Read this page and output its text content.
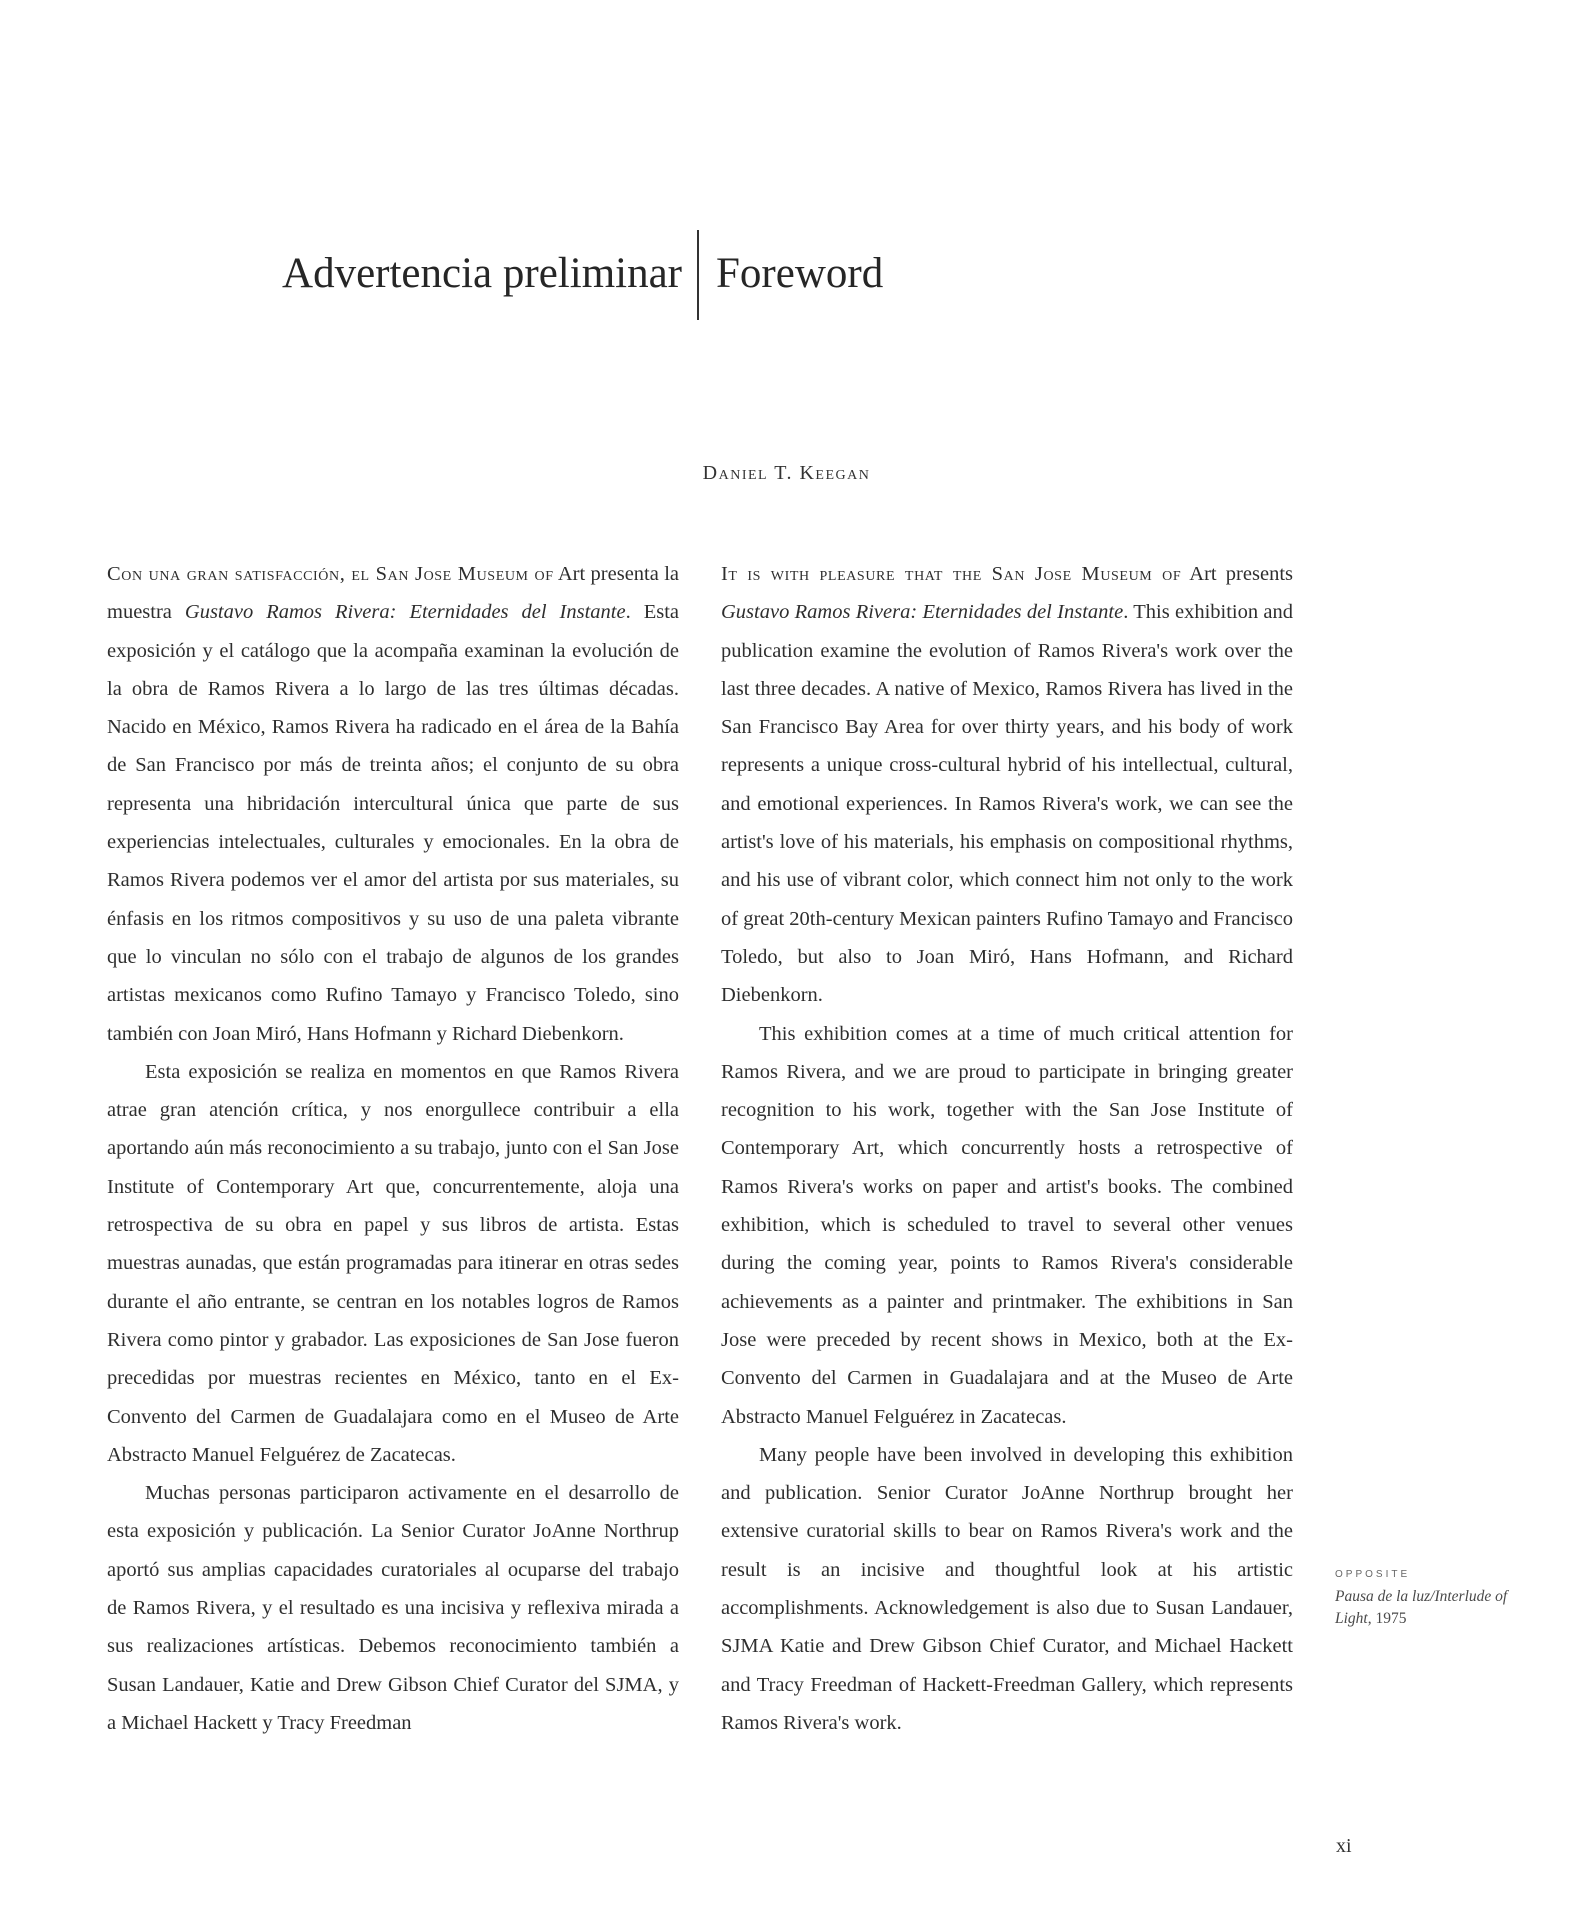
Advertencia preliminar Foreword
Daniel T. Keegan

Con una gran satisfacción, el San Jose Museum of Art presenta la muestra Gustavo Ramos Rivera: Eternidades del Instante. Esta exposición y el catálogo que la acompaña examinan la evolución de la obra de Ramos Rivera a lo largo de las tres últimas décadas. Nacido en México, Ramos Rivera ha radicado en el área de la Bahía de San Francisco por más de treinta años; el conjunto de su obra representa una hibridación intercultural única que parte de sus experiencias intelectuales, culturales y emocionales. En la obra de Ramos Rivera podemos ver el amor del artista por sus materiales, su énfasis en los ritmos compositivos y su uso de una paleta vibrante que lo vinculan no sólo con el trabajo de algunos de los grandes artistas mexicanos como Rufino Tamayo y Francisco Toledo, sino también con Joan Miró, Hans Hofmann y Richard Diebenkorn.

Esta exposición se realiza en momentos en que Ramos Rivera atrae gran atención crítica, y nos enorgullece contribuir a ella aportando aún más reconocimiento a su trabajo, junto con el San Jose Institute of Contemporary Art que, concurrentemente, aloja una retrospectiva de su obra en papel y sus libros de artista. Estas muestras aunadas, que están programadas para itinerar en otras sedes durante el año entrante, se centran en los notables logros de Ramos Rivera como pintor y grabador. Las exposiciones de San Jose fueron precedidas por muestras recientes en México, tanto en el Ex-Convento del Carmen de Guadalajara como en el Museo de Arte Abstracto Manuel Felguérez de Zacatecas.

Muchas personas participaron activamente en el desarrollo de esta exposición y publicación. La Senior Curator JoAnne Northrup aportó sus amplias capacidades curatoriales al ocuparse del trabajo de Ramos Rivera, y el resultado es una incisiva y reflexiva mirada a sus realizaciones artísticas. Debemos reconocimiento también a Susan Landauer, Katie and Drew Gibson Chief Curator del SJMA, y a Michael Hackett y Tracy Freedman

It is with pleasure that the San Jose Museum of Art presents Gustavo Ramos Rivera: Eternidades del Instante. This exhibition and publication examine the evolution of Ramos Rivera's work over the last three decades. A native of Mexico, Ramos Rivera has lived in the San Francisco Bay Area for over thirty years, and his body of work represents a unique cross-cultural hybrid of his intellectual, cultural, and emotional experiences. In Ramos Rivera's work, we can see the artist's love of his materials, his emphasis on compositional rhythms, and his use of vibrant color, which connect him not only to the work of great 20th-century Mexican painters Rufino Tamayo and Francisco Toledo, but also to Joan Miró, Hans Hofmann, and Richard Diebenkorn.

This exhibition comes at a time of much critical attention for Ramos Rivera, and we are proud to participate in bringing greater recognition to his work, together with the San Jose Institute of Contemporary Art, which concurrently hosts a retrospective of Ramos Rivera's works on paper and artist's books. The combined exhibition, which is scheduled to travel to several other venues during the coming year, points to Ramos Rivera's considerable achievements as a painter and printmaker. The exhibitions in San Jose were preceded by recent shows in Mexico, both at the Ex-Convento del Carmen in Guadalajara and at the Museo de Arte Abstracto Manuel Felguérez in Zacatecas.

Many people have been involved in developing this exhibition and publication. Senior Curator JoAnne Northrup brought her extensive curatorial skills to bear on Ramos Rivera's work and the result is an incisive and thoughtful look at his artistic accomplishments. Acknowledgement is also due to Susan Landauer, SJMA Katie and Drew Gibson Chief Curator, and Michael Hackett and Tracy Freedman of Hackett-Freedman Gallery, which represents Ramos Rivera's work.

OPPOSITE
Pausa de la luz/Interlude of Light, 1975
xi
